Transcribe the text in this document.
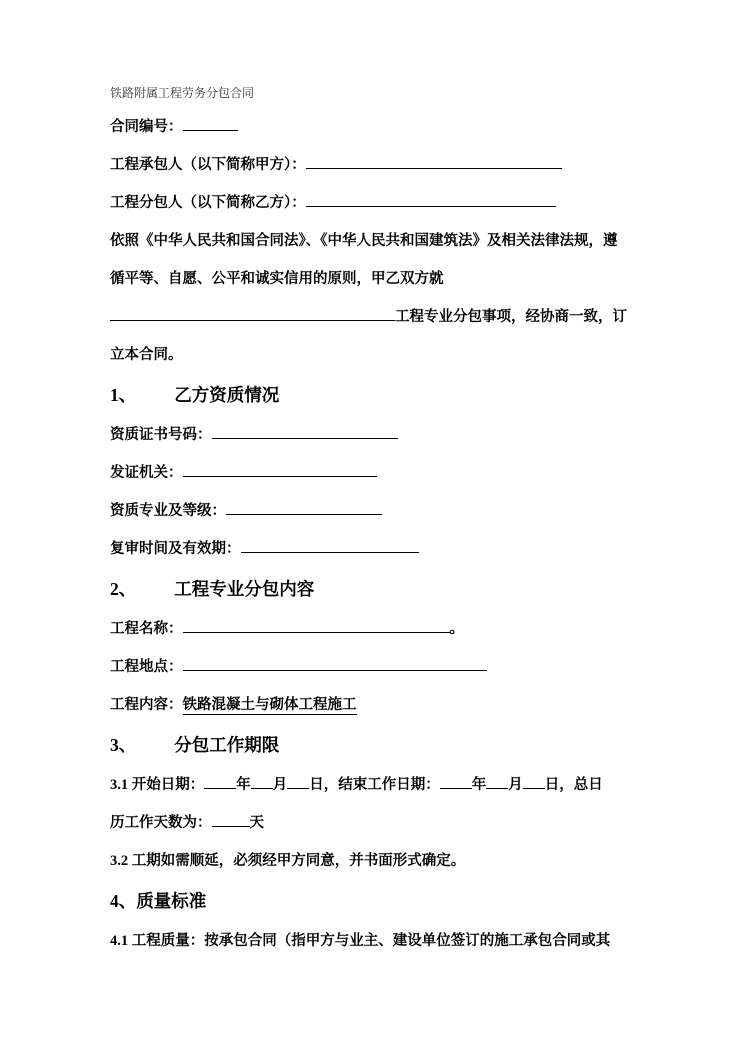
铁路附属工程劳务分包合同

合同编号：

工程承包人（以下简称甲方）：

工程分包人（以下简称乙方）：

依照《中华人民共和国合同法》、《中华人民共和国建筑法》及相关法律法规，遵

循平等、自愿、公平和诚实信用的原则，甲乙双方就

工程专业分包事项，经协商一致，订

立本合同。

1、 乙方资质情况

资质证书号码：

发证机关：

资质专业及等级：

复审时间及有效期：

2、 工程专业分包内容

工程名称：	。

工程地点：

工程内容：铁路混凝土与砌体工程施工

3、 分包工作期限

3.1 开始日期： 年 月 日，结束工作日期： 年 月 日，总日

历工作天数为：	天

3.2 工期如需顺延，必须经甲方同意，并书面形式确定。

4、质量标准

4.1 工程质量：按承包合同（指甲方与业主、建设单位签订的施工承包合同或其
